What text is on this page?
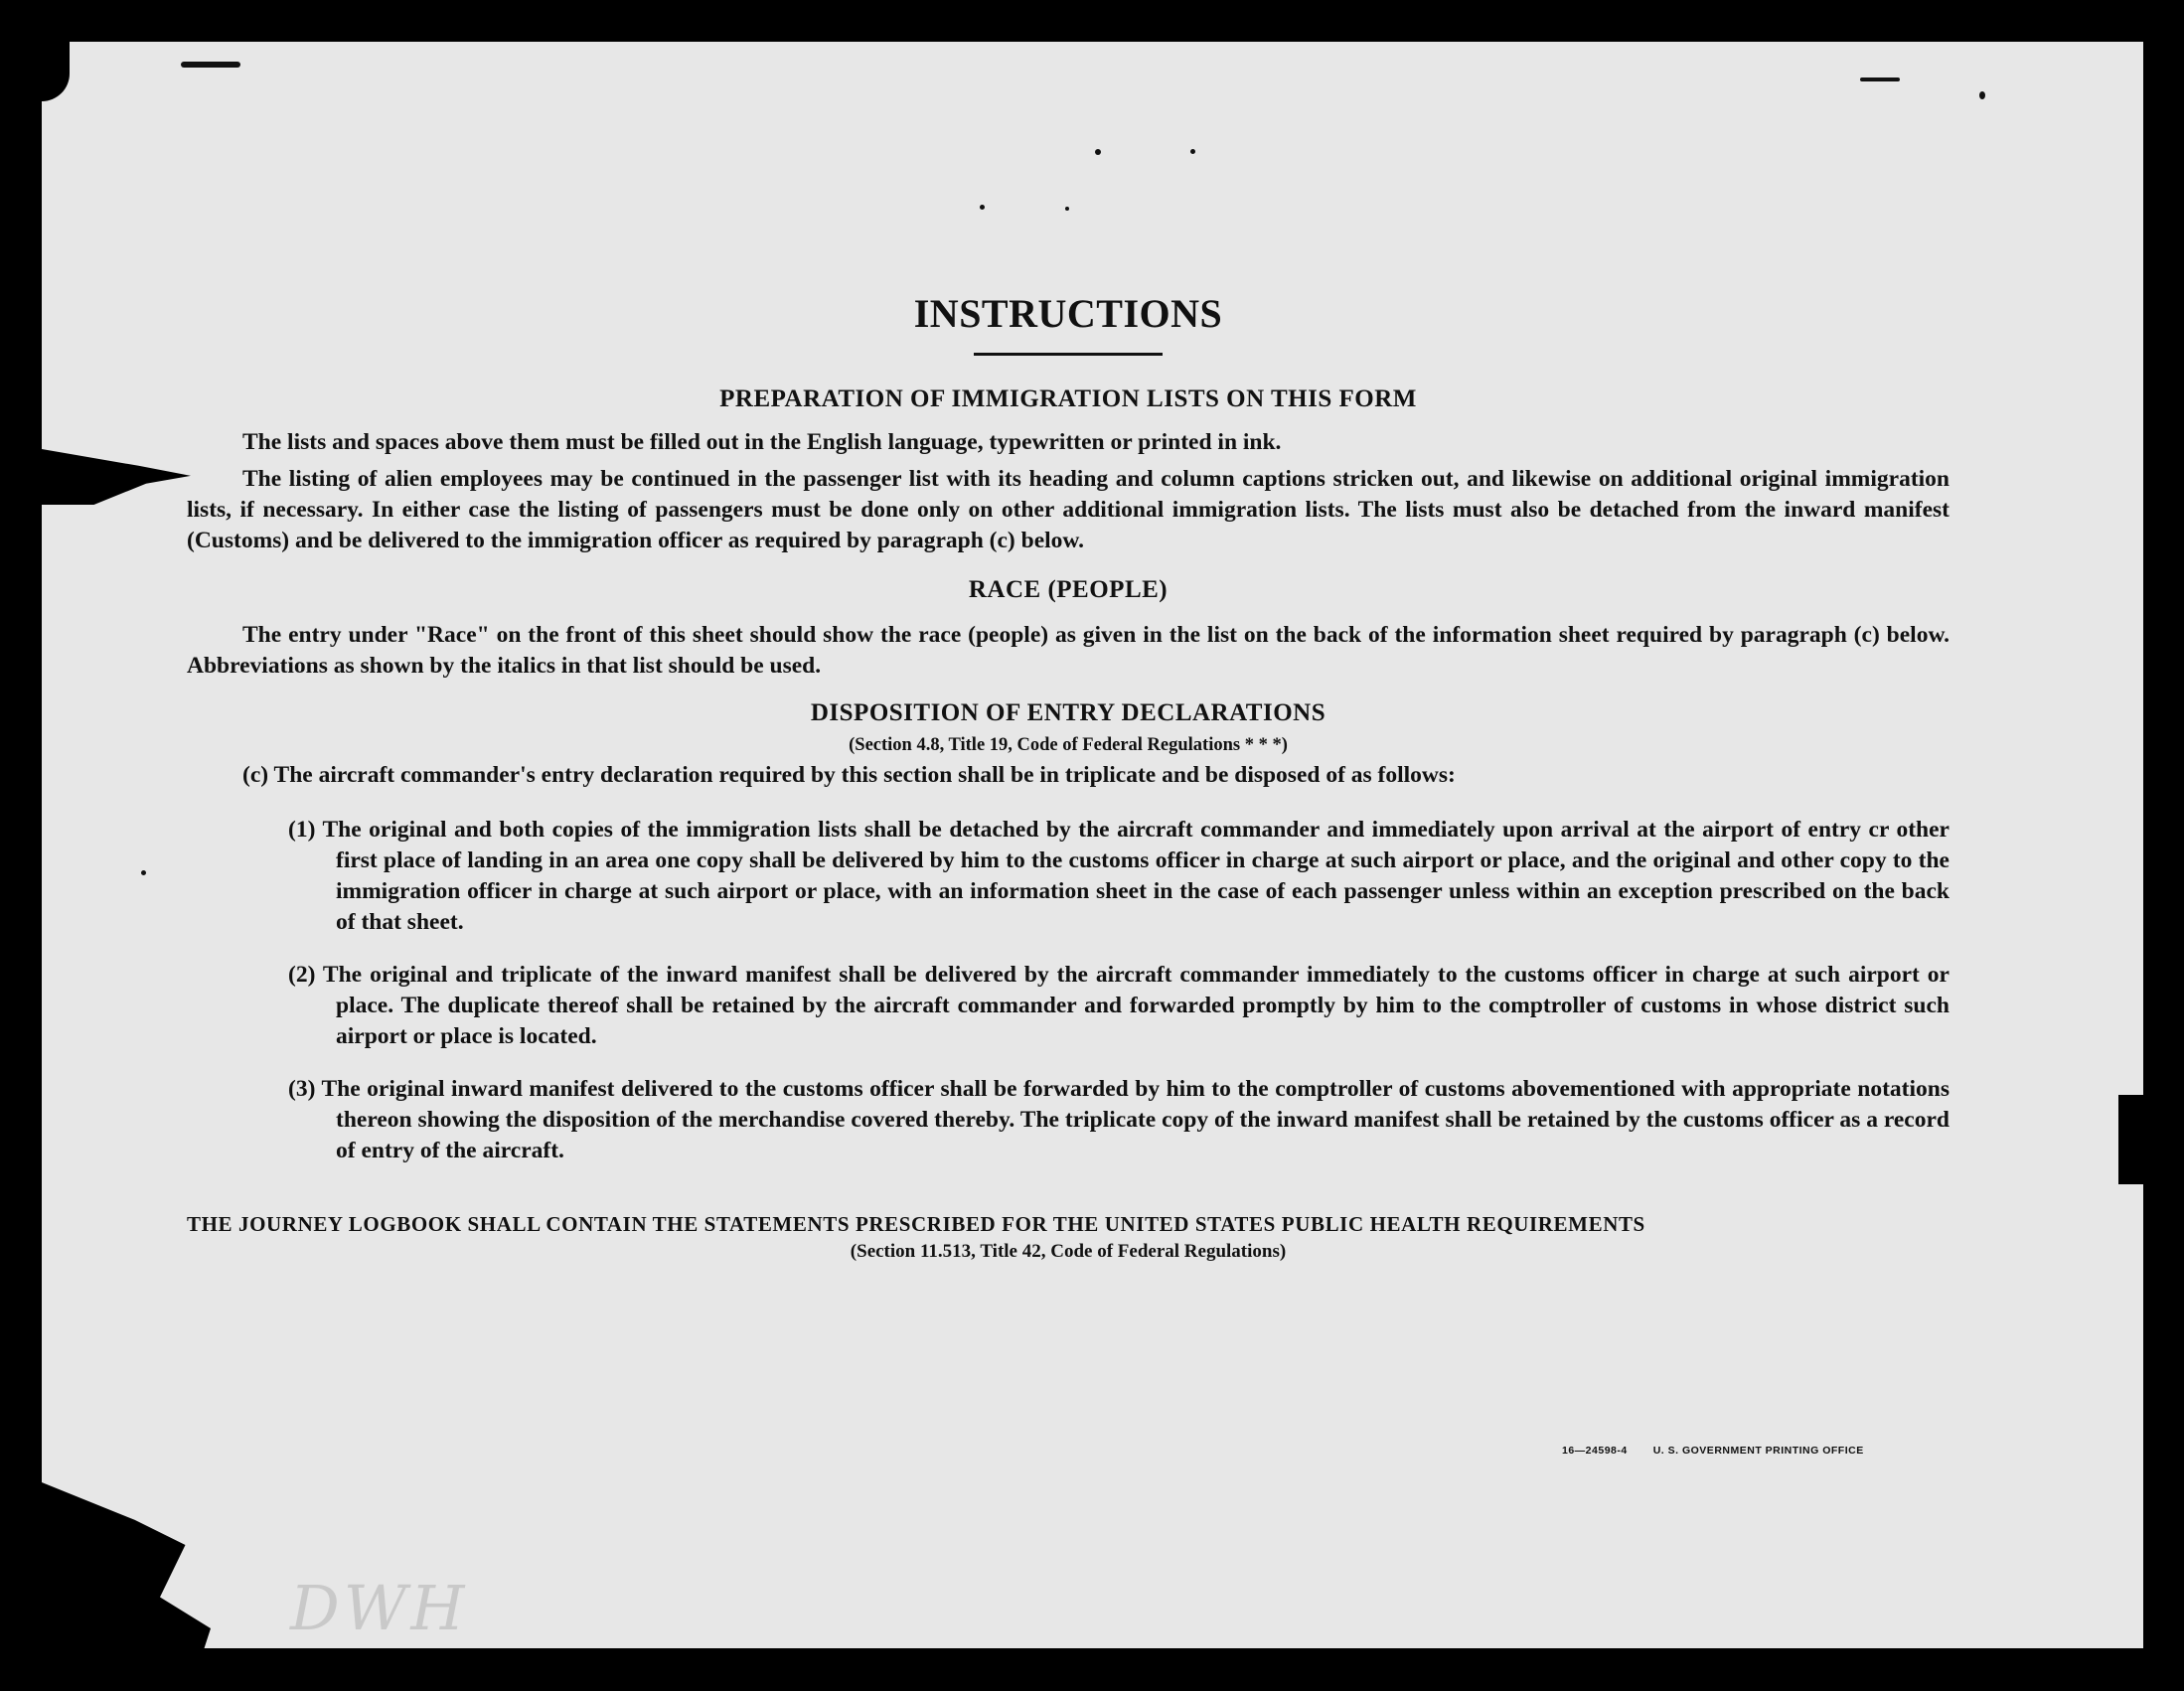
INSTRUCTIONS
PREPARATION OF IMMIGRATION LISTS ON THIS FORM
The lists and spaces above them must be filled out in the English language, typewritten or printed in ink.
The listing of alien employees may be continued in the passenger list with its heading and column captions stricken out, and likewise on additional original immigration lists, if necessary. In either case the listing of passengers must be done only on other additional immigration lists. The lists must also be detached from the inward manifest (Customs) and be delivered to the immigration officer as required by paragraph (c) below.
RACE (PEOPLE)
The entry under "Race" on the front of this sheet should show the race (people) as given in the list on the back of the information sheet required by paragraph (c) below. Abbreviations as shown by the italics in that list should be used.
DISPOSITION OF ENTRY DECLARATIONS
(Section 4.8, Title 19, Code of Federal Regulations * * *)
(c) The aircraft commander's entry declaration required by this section shall be in triplicate and be disposed of as follows:
(1) The original and both copies of the immigration lists shall be detached by the aircraft commander and immediately upon arrival at the airport of entry cr other first place of landing in an area one copy shall be delivered by him to the customs officer in charge at such airport or place, and the original and other copy to the immigration officer in charge at such airport or place, with an information sheet in the case of each passenger unless within an exception prescribed on the back of that sheet.
(2) The original and triplicate of the inward manifest shall be delivered by the aircraft commander immediately to the customs officer in charge at such airport or place. The duplicate thereof shall be retained by the aircraft commander and forwarded promptly by him to the comptroller of customs in whose district such airport or place is located.
(3) The original inward manifest delivered to the customs officer shall be forwarded by him to the comptroller of customs abovementioned with appropriate notations thereon showing the disposition of the merchandise covered thereby. The triplicate copy of the inward manifest shall be retained by the customs officer as a record of entry of the aircraft.
THE JOURNEY LOGBOOK SHALL CONTAIN THE STATEMENTS PRESCRIBED FOR THE UNITED STATES PUBLIC HEALTH REQUIREMENTS
(Section 11.513, Title 42, Code of Federal Regulations)
16—24598-4 U. S. GOVERNMENT PRINTING OFFICE
DWH
